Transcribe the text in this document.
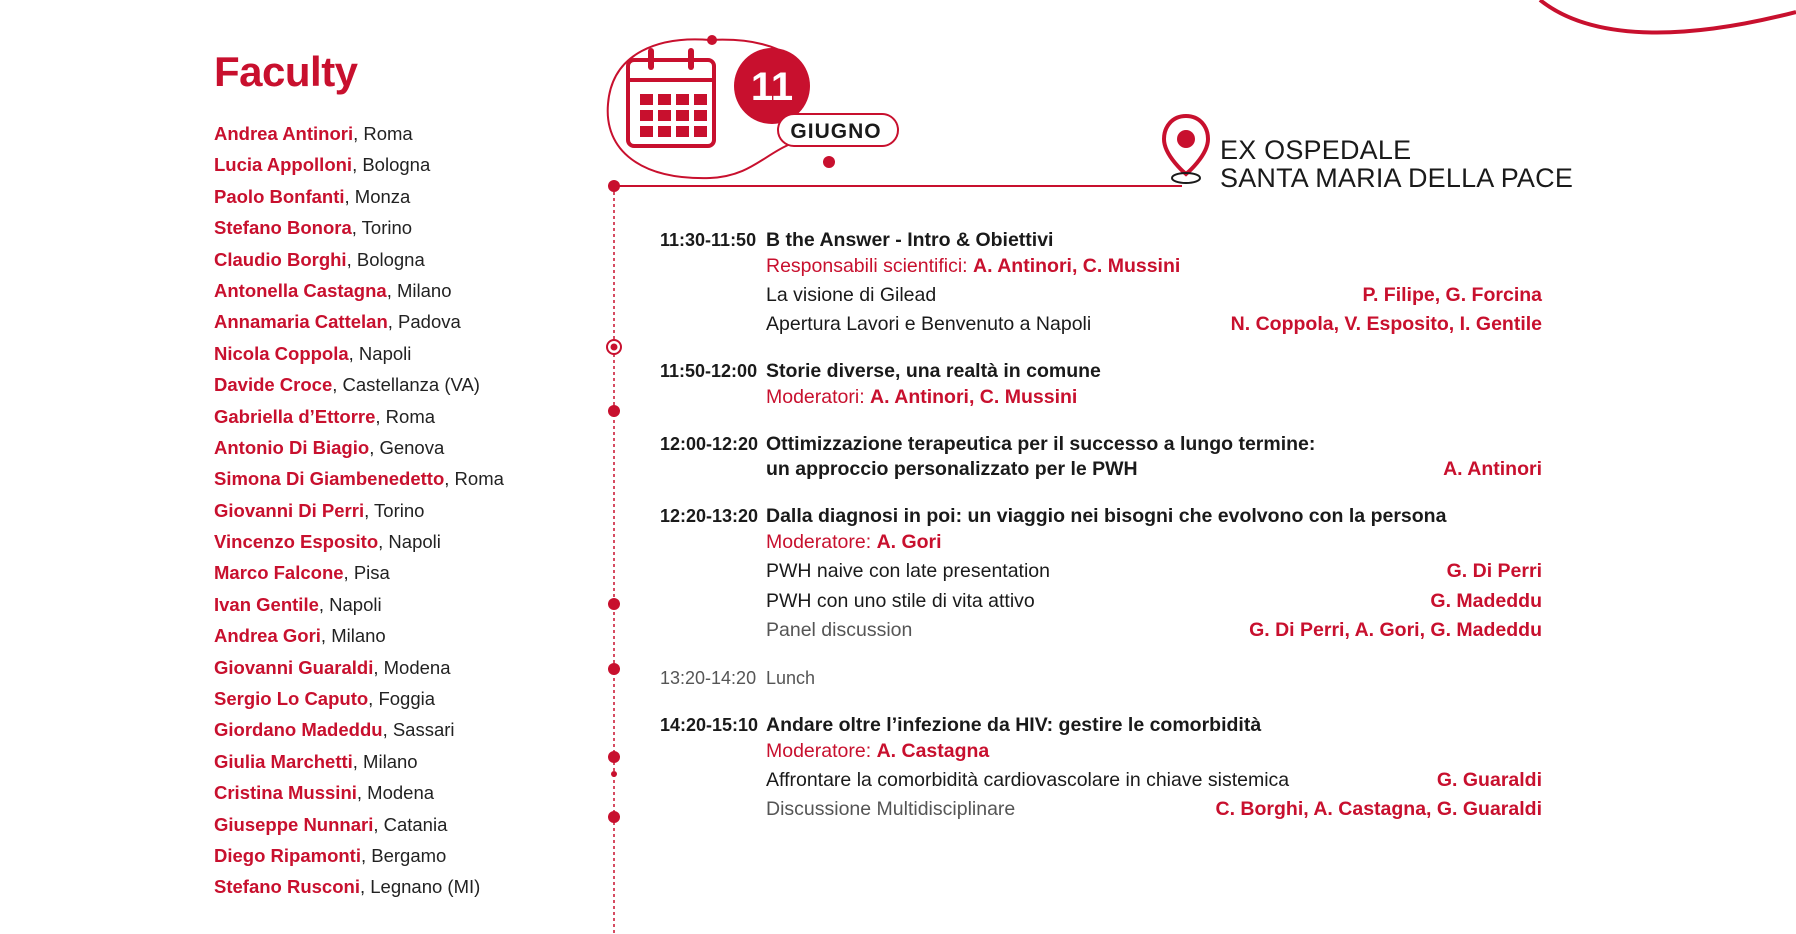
Faculty
Andrea Antinori, Roma
Lucia Appolloni, Bologna
Paolo Bonfanti, Monza
Stefano Bonora, Torino
Claudio Borghi, Bologna
Antonella Castagna, Milano
Annamaria Cattelan, Padova
Nicola Coppola, Napoli
Davide Croce, Castellanza (VA)
Gabriella d’Ettorre, Roma
Antonio Di Biagio, Genova
Simona Di Giambenedetto, Roma
Giovanni Di Perri, Torino
Vincenzo Esposito, Napoli
Marco Falcone, Pisa
Ivan Gentile, Napoli
Andrea Gori, Milano
Giovanni Guaraldi, Modena
Sergio Lo Caputo, Foggia
Giordano Madeddu, Sassari
Giulia Marchetti, Milano
Cristina Mussini, Modena
Giuseppe Nunnari, Catania
Diego Ripamonti, Bergamo
Stefano Rusconi, Legnano (MI)
11
GIUGNO
EX OSPEDALE
SANTA MARIA DELLA PACE
11:30-11:50 B the Answer - Intro & Obiettivi
Responsabili scientifici: A. Antinori, C. Mussini
La visione di Gilead	P. Filipe, G. Forcina
Apertura Lavori e Benvenuto a Napoli	N. Coppola, V. Esposito, I. Gentile
11:50-12:00 Storie diverse, una realtà in comune
Moderatori: A. Antinori, C. Mussini
12:00-12:20 Ottimizzazione terapeutica per il successo a lungo termine:
un approccio personalizzato per le PWH	A. Antinori
12:20-13:20 Dalla diagnosi in poi: un viaggio nei bisogni che evolvono con la persona
Moderatore: A. Gori
PWH naive con late presentation	G. Di Perri
PWH con uno stile di vita attivo	G. Madeddu
Panel discussion	G. Di Perri, A. Gori, G. Madeddu
13:20-14:20 Lunch
14:20-15:10 Andare oltre l’infezione da HIV: gestire le comorbidità
Moderatore: A. Castagna
Affrontare la comorbidità cardiovascolare in chiave sistemica	G. Guaraldi
Discussione Multidisciplinare	C. Borghi, A. Castagna, G. Guaraldi
